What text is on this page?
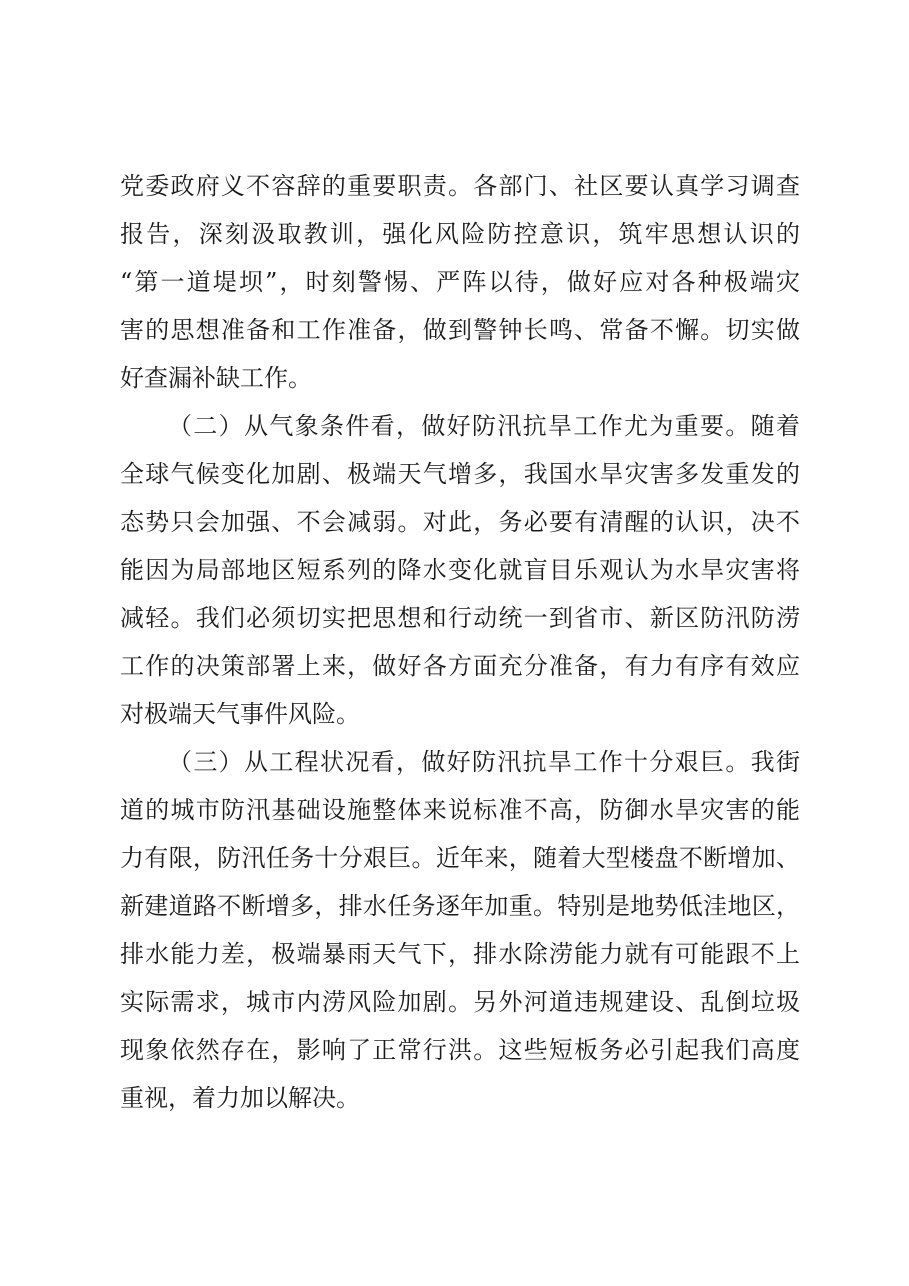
党委政府义不容辞的重要职责。各部门、社区要认真学习调查
报告，深刻汲取教训，强化风险防控意识，筑牢思想认识的
“第一道堤坝”，时刻警惕、严阵以待，做好应对各种极端灾
害的思想准备和工作准备，做到警钟长鸣、常备不懈。切实做
好查漏补缺工作。
（二）从气象条件看，做好防汛抗旱工作尤为重要。随着
全球气候变化加剧、极端天气增多，我国水旱灾害多发重发的
态势只会加强、不会减弱。对此，务必要有清醒的认识，决不
能因为局部地区短系列的降水变化就盲目乐观认为水旱灾害将
减轻。我们必须切实把思想和行动统一到省市、新区防汛防涝
工作的决策部署上来，做好各方面充分准备，有力有序有效应
对极端天气事件风险。
（三）从工程状况看，做好防汛抗旱工作十分艰巨。我街
道的城市防汛基础设施整体来说标准不高，防御水旱灾害的能
力有限，防汛任务十分艰巨。近年来，随着大型楼盘不断增加、
新建道路不断增多，排水任务逐年加重。特别是地势低洼地区，
排水能力差，极端暴雨天气下，排水除涝能力就有可能跟不上
实际需求，城市内涝风险加剧。另外河道违规建设、乱倒垃圾
现象依然存在，影响了正常行洪。这些短板务必引起我们高度
重视，着力加以解决。
